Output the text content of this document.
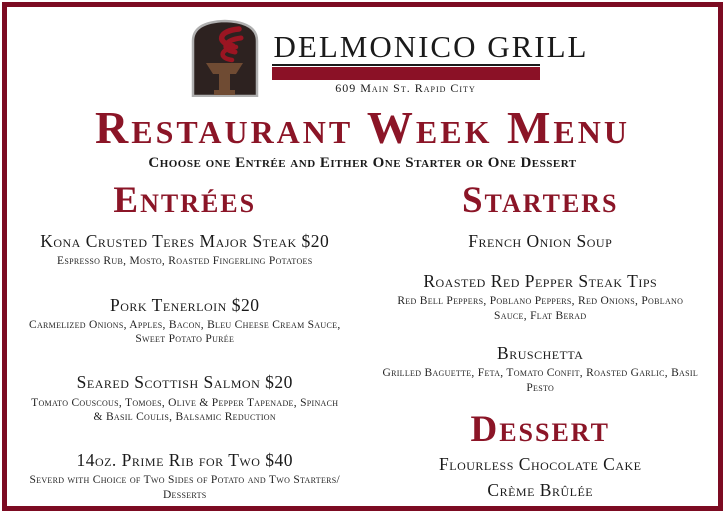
DELMONICO GRILL
609 Main St. Rapid City
Restaurant Week Menu
Choose one Entrée and Either One Starter or One Dessert
Entrées
Kona Crusted Teres Major Steak $20
Espresso Rub, Mosto, Roasted Fingerling Potatoes
Pork Tenerloin $20
Carmelized Onions, Apples, Bacon, Bleu Cheese Cream Sauce, Sweet Potato Purée
Seared Scottish Salmon $20
Tomato Couscous, Tomoes, Olive & Pepper Tapenade, Spinach & Basil Coulis, Balsamic Reduction
14oz. Prime Rib for Two $40
Severd with Choice of Two Sides of Potato and Two Starters/ Desserts
Starters
French Onion Soup
Roasted Red Pepper Steak Tips
Red Bell Peppers, Poblano Peppers, Red Onions, Poblano Sauce, Flat Berad
Bruschetta
Grilled Baguette, Feta, Tomato Confit, Roasted Garlic, Basil Pesto
Dessert
Flourless Chocolate Cake
Crème Brûlée
